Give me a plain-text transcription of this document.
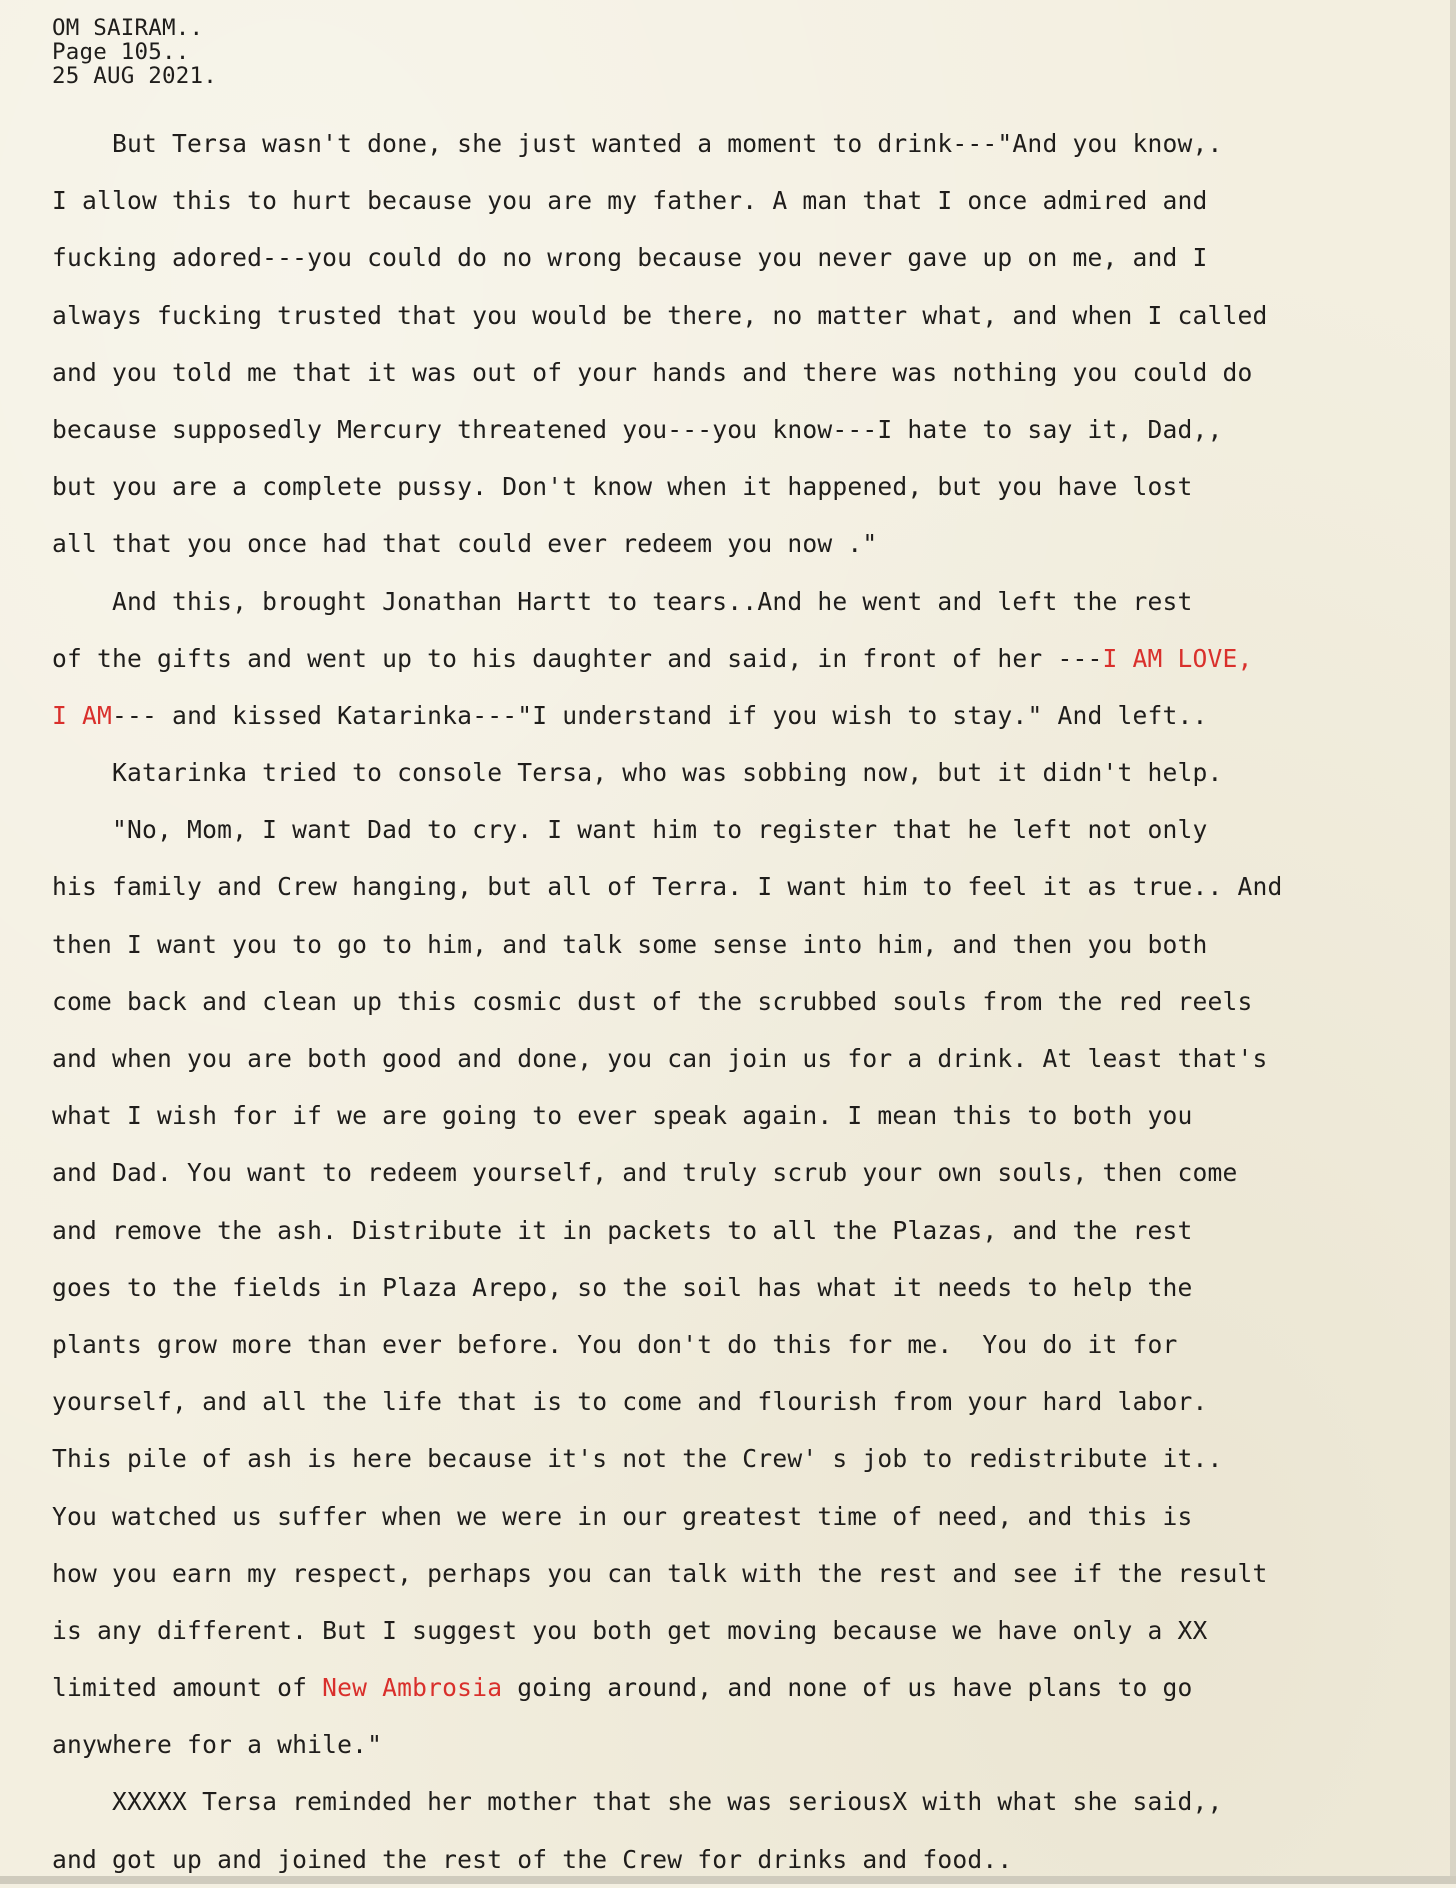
OM SAIRAM..
Page 105..
25 AUG 2021.
But Tersa wasn't done, she just wanted a moment to drink---"And you know,.
I allow this to hurt because you are my father. A man that I once admired and
fucking adored---you could do no wrong because you never gave up on me, and I
always fucking trusted that you would be there, no matter what, and when I called
and you told me that it was out of your hands and there was nothing you could do
because supposedly Mercury threatened you---you know---I hate to say it, Dad,,
but you are a complete pussy. Don't know when it happened, but you have lost
all that you once had that could ever redeem you now ."
And this, brought Jonathan Hartt to tears..And he went and left the rest
of the gifts and went up to his daughter and said, in front of her ---I AM LOVE,
I AM--- and kissed Katarinka---"I understand if you wish to stay." And left..
Katarinka tried to console Tersa, who was sobbing now, but it didn't help.
"No, Mom, I want Dad to cry. I want him to register that he left not only
his family and Crew hanging, but all of Terra. I want him to feel it as true.. And
then I want you to go to him, and talk some sense into him, and then you both
come back and clean up this cosmic dust of the scrubbed souls from the red reels
and when you are both good and done, you can join us for a drink. At least that's
what I wish for if we are going to ever speak again. I mean this to both you
and Dad. You want to redeem yourself, and truly scrub your own souls, then come
and remove the ash. Distribute it in packets to all the Plazas, and the rest
goes to the fields in Plaza Arepo, so the soil has what it needs to help the
plants grow more than ever before. You don't do this for me.  You do it for
yourself, and all the life that is to come and flourish from your hard labor.
This pile of ash is here because it's not the Crew' s job to redistribute it..
You watched us suffer when we were in our greatest time of need, and this is
how you earn my respect, perhaps you can talk with the rest and see if the result
is any different. But I suggest you both get moving because we have only a XX
limited amount of New Ambrosia going around, and none of us have plans to go
anywhere for a while."
XXXXX Tersa reminded her mother that she was seriousX with what she said,,
and got up and joined the rest of the Crew for drinks and food..
